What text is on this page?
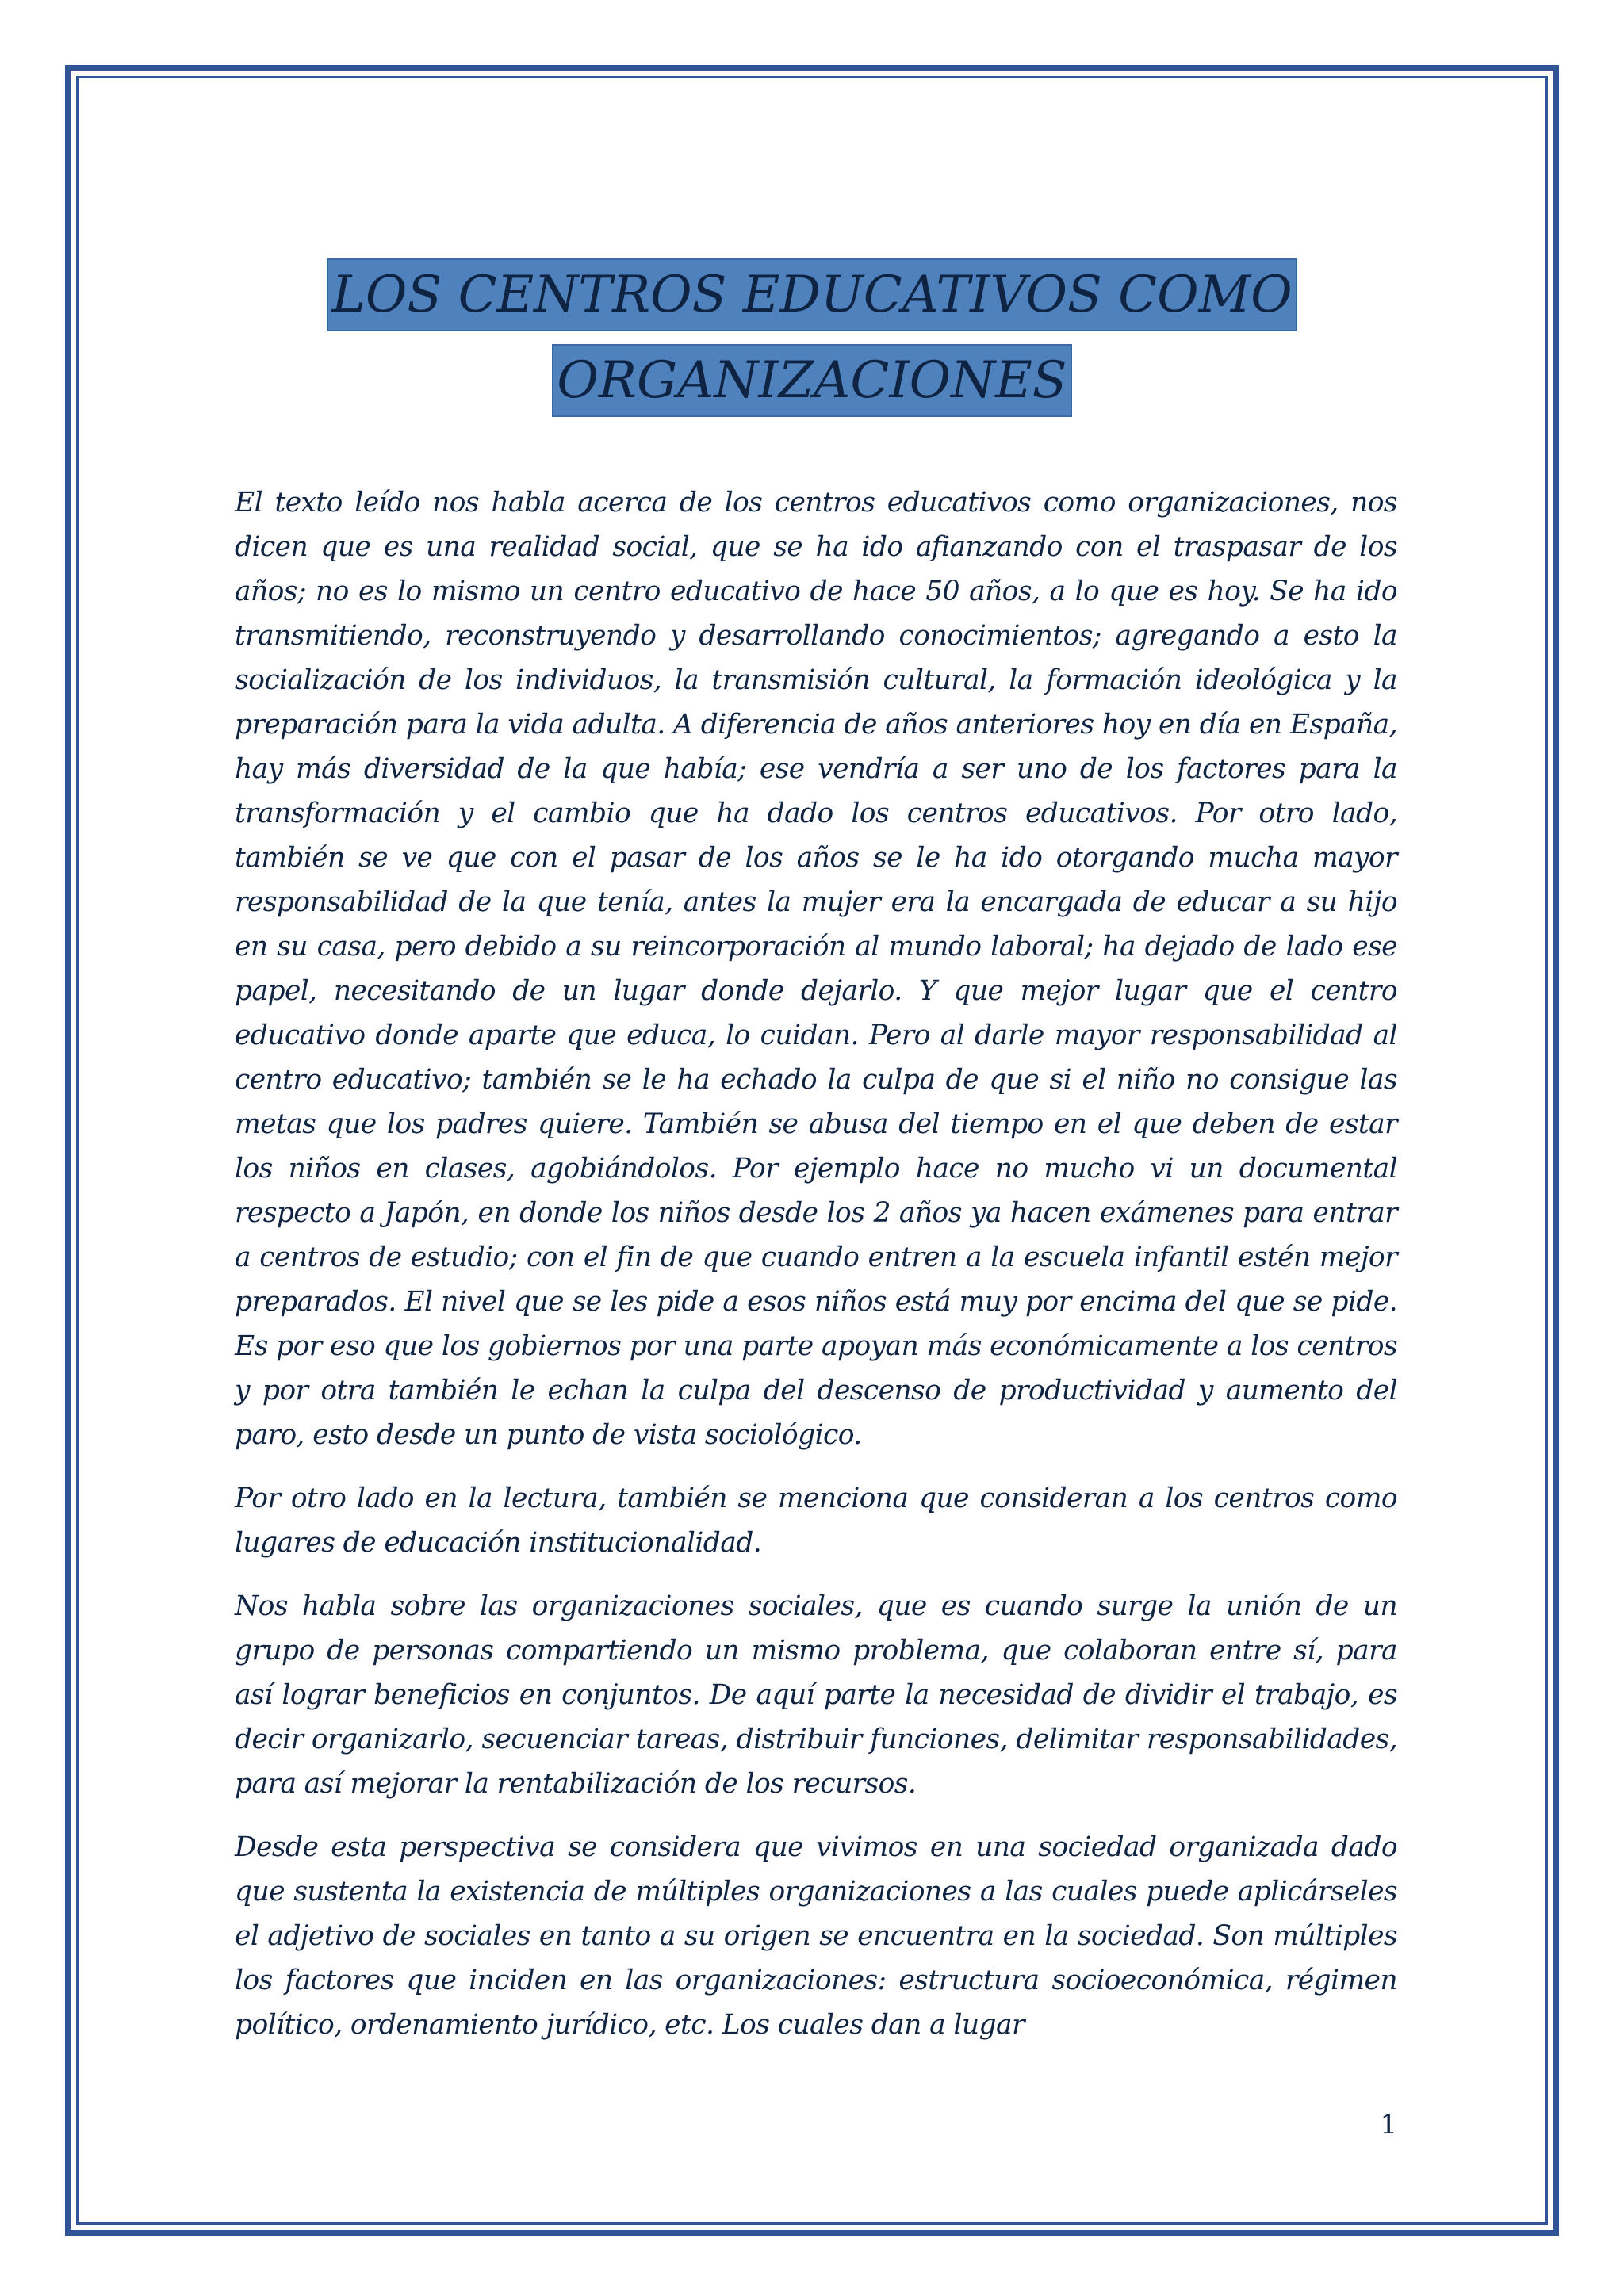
LOS CENTROS EDUCATIVOS COMO
ORGANIZACIONES

El texto leído nos habla acerca de los centros educativos como organizaciones, nos dicen que es una realidad social, que se ha ido afianzando con el traspasar de los años; no es lo mismo un centro educativo de hace 50 años, a lo que es hoy. Se ha ido transmitiendo, reconstruyendo y desarrollando conocimientos; agregando a esto la socialización de los individuos, la transmisión cultural, la formación ideológica y la preparación para la vida adulta. A diferencia de años anteriores hoy en día en España, hay más diversidad de la que había; ese vendría a ser uno de los factores para la transformación y el cambio que ha dado los centros educativos. Por otro lado, también se ve que con el pasar de los años se le ha ido otorgando mucha mayor responsabilidad de la que tenía, antes la mujer era la encargada de educar a su hijo en su casa, pero debido a su reincorporación al mundo laboral; ha dejado de lado ese papel, necesitando de un lugar donde dejarlo. Y que mejor lugar que el centro educativo donde aparte que educa, lo cuidan. Pero al darle mayor responsabilidad al centro educativo; también se le ha echado la culpa de que si el niño no consigue las metas que los padres quiere. También se abusa del tiempo en el que deben de estar los niños en clases, agobiándolos. Por ejemplo hace no mucho vi un documental respecto a Japón, en donde los niños desde los 2 años ya hacen exámenes para entrar a centros de estudio; con el fin de que cuando entren a la escuela infantil estén mejor preparados. El nivel que se les pide a esos niños está muy por encima del que se pide. Es por eso que los gobiernos por una parte apoyan más económicamente a los centros y por otra también le echan la culpa del descenso de productividad y aumento del paro, esto desde un punto de vista sociológico.

Por otro lado en la lectura, también se menciona que consideran a los centros como lugares de educación institucionalidad.

Nos habla sobre las organizaciones sociales, que es cuando surge la unión de un grupo de personas compartiendo un mismo problema, que colaboran entre sí, para así lograr beneficios en conjuntos. De aquí parte la necesidad de dividir el trabajo, es decir organizarlo, secuenciar tareas, distribuir funciones, delimitar responsabilidades, para así mejorar la rentabilización de los recursos.

Desde esta perspectiva se considera que vivimos en una sociedad organizada dado que sustenta la existencia de múltiples organizaciones a las cuales puede aplicárseles el adjetivo de sociales en tanto a su origen se encuentra en la sociedad. Son múltiples los factores que inciden en las organizaciones: estructura socioeconómica, régimen político, ordenamiento jurídico, etc. Los cuales dan a lugar

1
